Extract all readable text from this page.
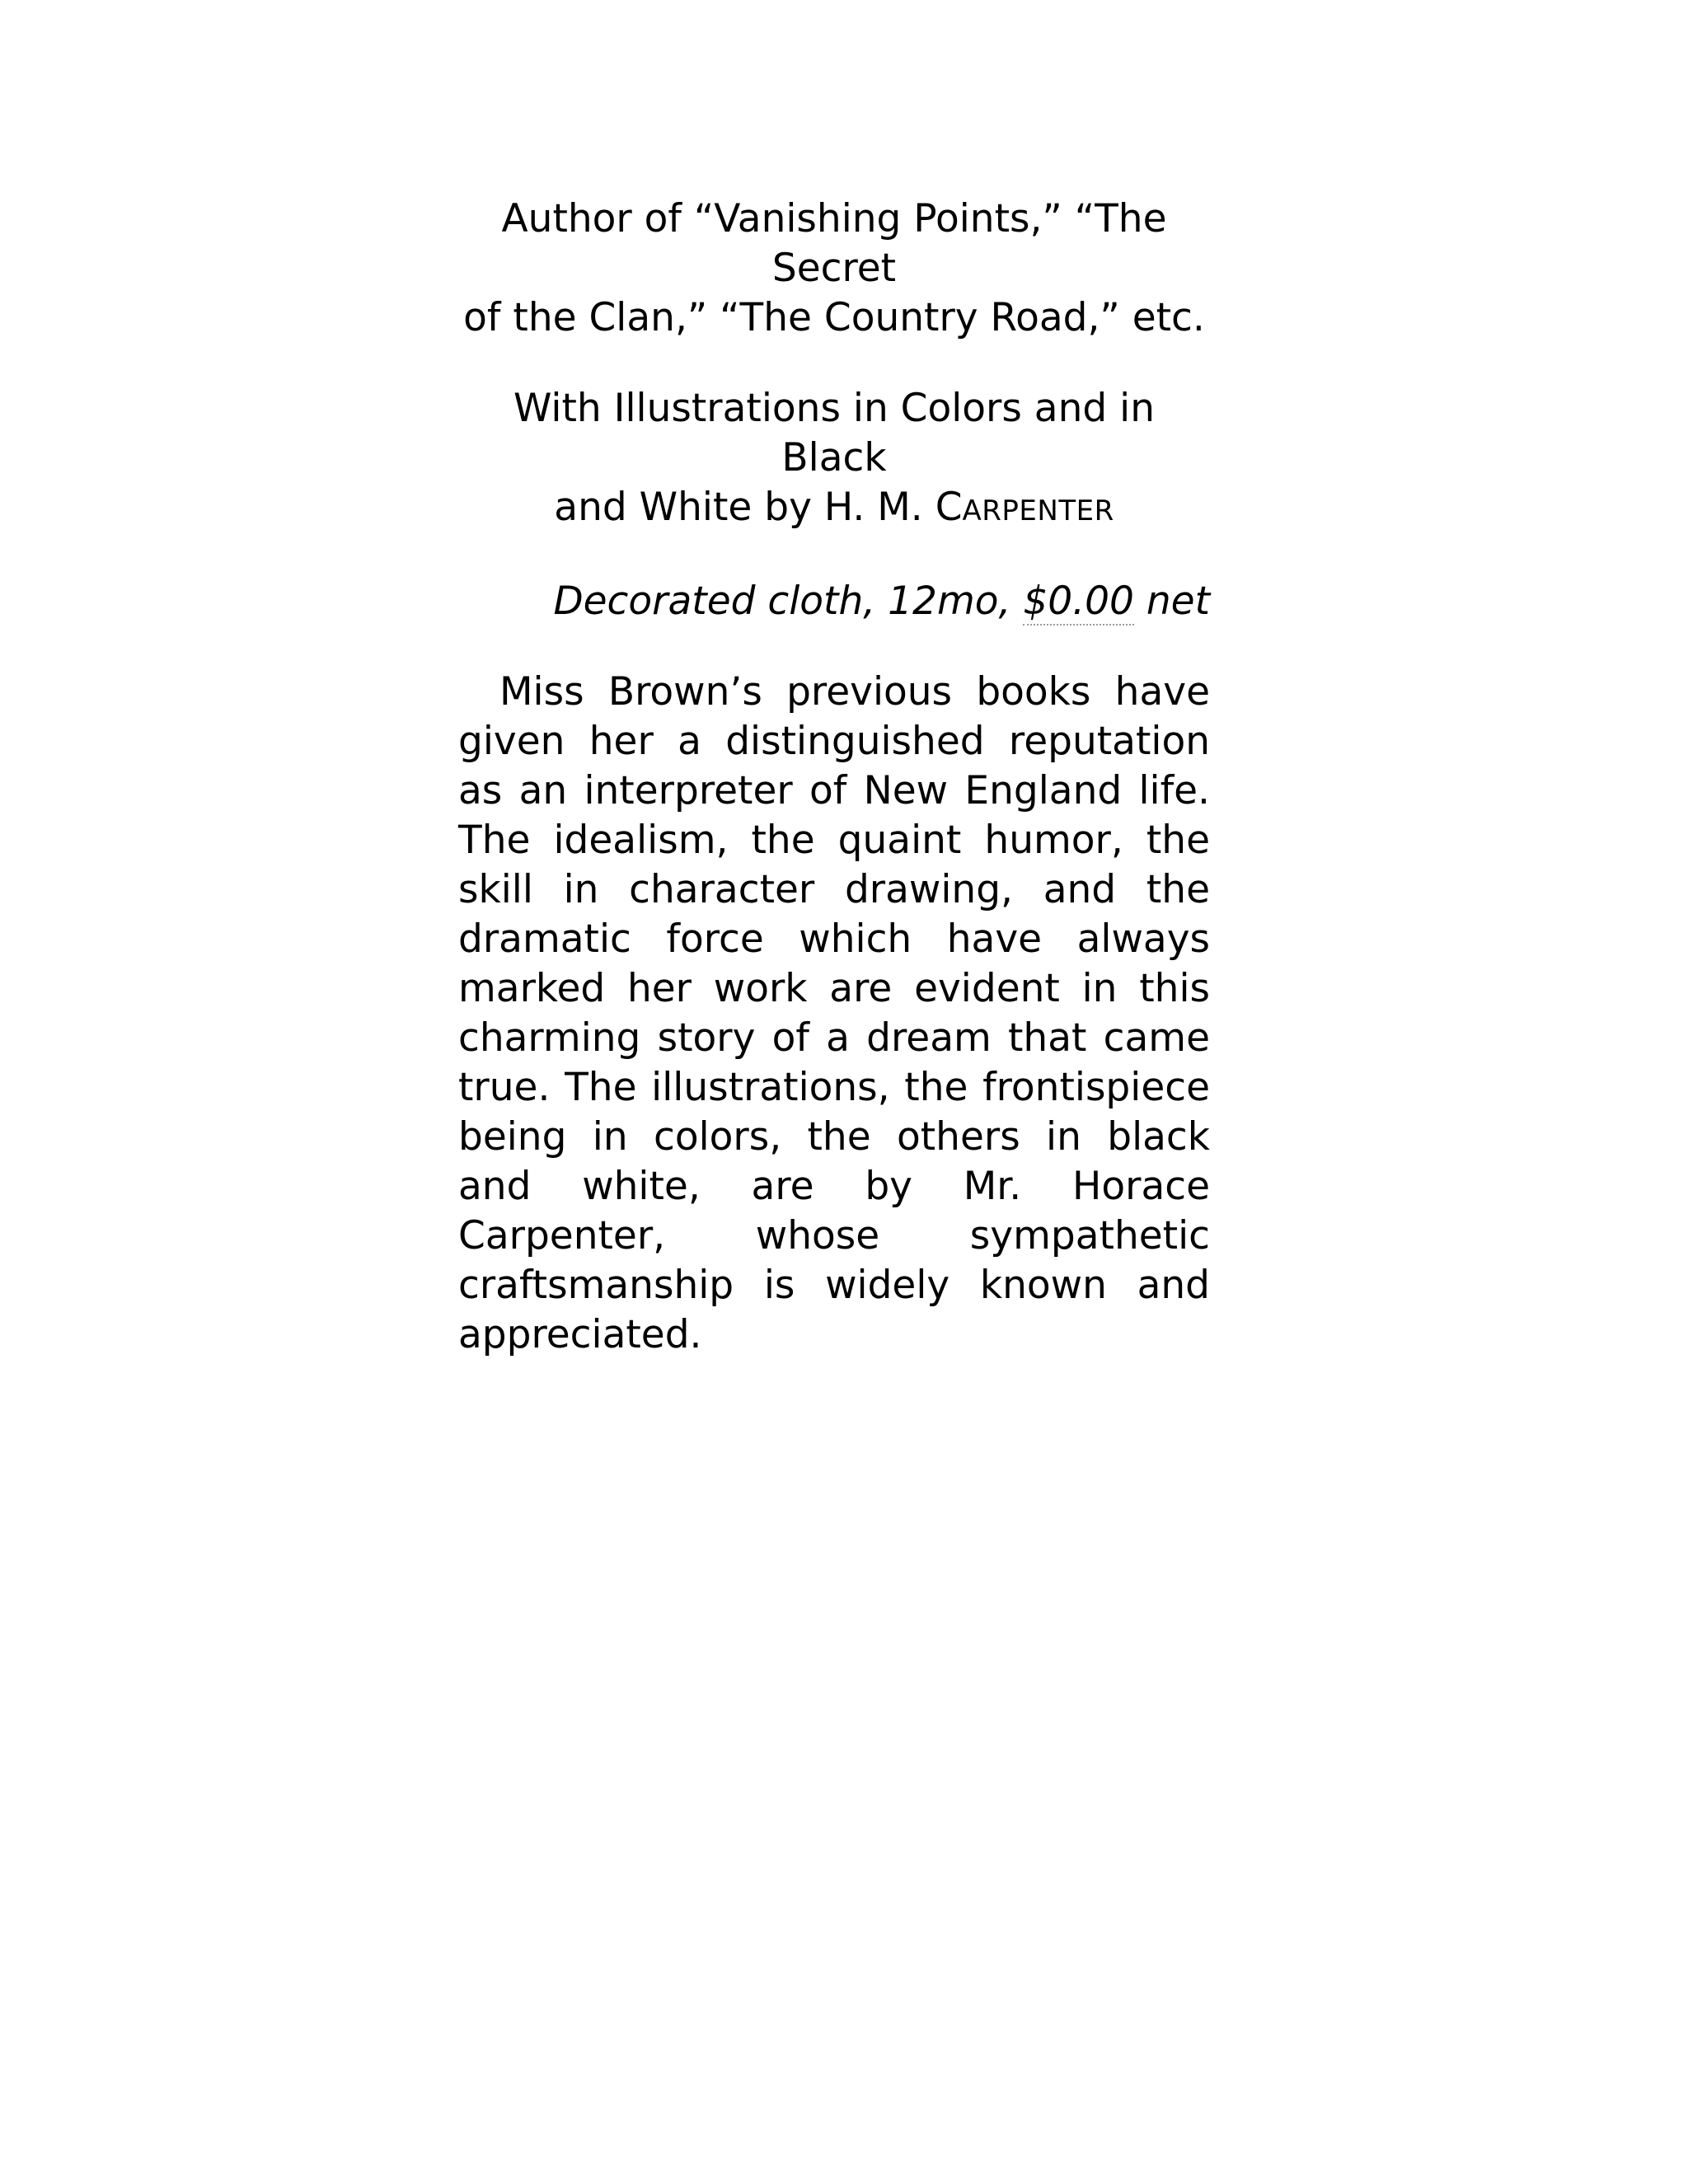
Author of “Vanishing Points,” “The Secret
of the Clan,” “The Country Road,” etc.

With Illustrations in Colors and in Black
and White by H. M. CARPENTER

Decorated cloth, 12mo, $0.00 net

Miss Brown’s previous books have given her a distinguished reputation as an interpreter of New England life. The idealism, the quaint humor, the skill in character drawing, and the dramatic force which have always marked her work are evident in this charming story of a dream that came true. The illustrations, the frontispiece being in colors, the others in black and white, are by Mr. Horace Carpenter, whose sympathetic craftsmanship is widely known and appreciated.
